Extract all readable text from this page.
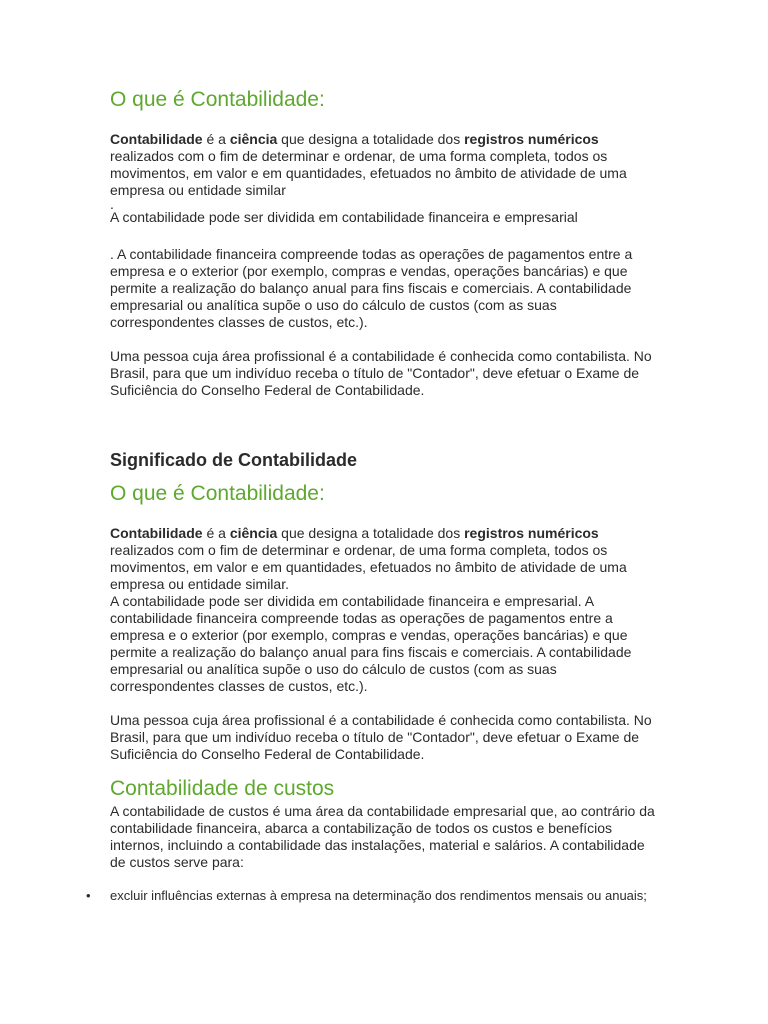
O que é Contabilidade:

Contabilidade é a ciência que designa a totalidade dos registros numéricos realizados com o fim de determinar e ordenar, de uma forma completa, todos os movimentos, em valor e em quantidades, efetuados no âmbito de atividade de uma empresa ou entidade similar

.

A contabilidade pode ser dividida em contabilidade financeira e empresarial

. A contabilidade financeira compreende todas as operações de pagamentos entre a empresa e o exterior (por exemplo, compras e vendas, operações bancárias) e que permite a realização do balanço anual para fins fiscais e comerciais. A contabilidade empresarial ou analítica supõe o uso do cálculo de custos (com as suas correspondentes classes de custos, etc.).

Uma pessoa cuja área profissional é a contabilidade é conhecida como contabilista. No Brasil, para que um indivíduo receba o título de "Contador", deve efetuar o Exame de Suficiência do Conselho Federal de Contabilidade.

Significado de Contabilidade
O que é Contabilidade:

Contabilidade é a ciência que designa a totalidade dos registros numéricos realizados com o fim de determinar e ordenar, de uma forma completa, todos os movimentos, em valor e em quantidades, efetuados no âmbito de atividade de uma empresa ou entidade similar.

A contabilidade pode ser dividida em contabilidade financeira e empresarial. A contabilidade financeira compreende todas as operações de pagamentos entre a empresa e o exterior (por exemplo, compras e vendas, operações bancárias) e que permite a realização do balanço anual para fins fiscais e comerciais. A contabilidade empresarial ou analítica supõe o uso do cálculo de custos (com as suas correspondentes classes de custos, etc.).

Uma pessoa cuja área profissional é a contabilidade é conhecida como contabilista. No Brasil, para que um indivíduo receba o título de "Contador", deve efetuar o Exame de Suficiência do Conselho Federal de Contabilidade.

Contabilidade de custos

A contabilidade de custos é uma área da contabilidade empresarial que, ao contrário da contabilidade financeira, abarca a contabilização de todos os custos e benefícios internos, incluindo a contabilidade das instalações, material e salários. A contabilidade de custos serve para:

• excluir influências externas à empresa na determinação dos rendimentos mensais ou anuais;
